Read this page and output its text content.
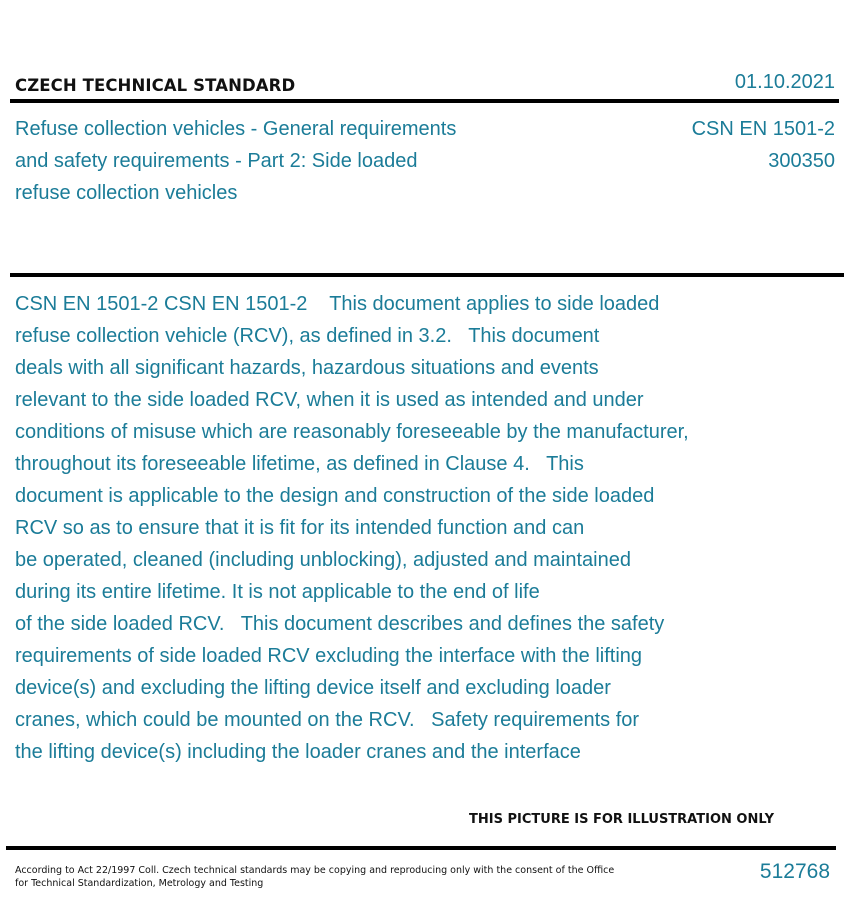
CZECH TECHNICAL STANDARD	01.10.2021
Refuse collection vehicles - General requirements
and safety requirements - Part 2: Side loaded
refuse collection vehicles
CSN EN 1501-2
300350
CSN EN 1501-2 CSN EN 1501-2    This document applies to side loaded
refuse collection vehicle (RCV), as defined in 3.2.   This document
deals with all significant hazards, hazardous situations and events
relevant to the side loaded RCV, when it is used as intended and under
conditions of misuse which are reasonably foreseeable by the manufacturer,
throughout its foreseeable lifetime, as defined in Clause 4.   This
document is applicable to the design and construction of the side loaded
RCV so as to ensure that it is fit for its intended function and can
be operated, cleaned (including unblocking), adjusted and maintained
during its entire lifetime. It is not applicable to the end of life
of the side loaded RCV.   This document describes and defines the safety
requirements of side loaded RCV excluding the interface with the lifting
device(s) and excluding the lifting device itself and excluding loader
cranes, which could be mounted on the RCV.   Safety requirements for
the lifting device(s) including the loader cranes and the interface
THIS PICTURE IS FOR ILLUSTRATION ONLY
According to Act 22/1997 Coll. Czech technical standards may be copying and reproducing only with the consent of the Office
for Technical Standardization, Metrology and Testing
512768
